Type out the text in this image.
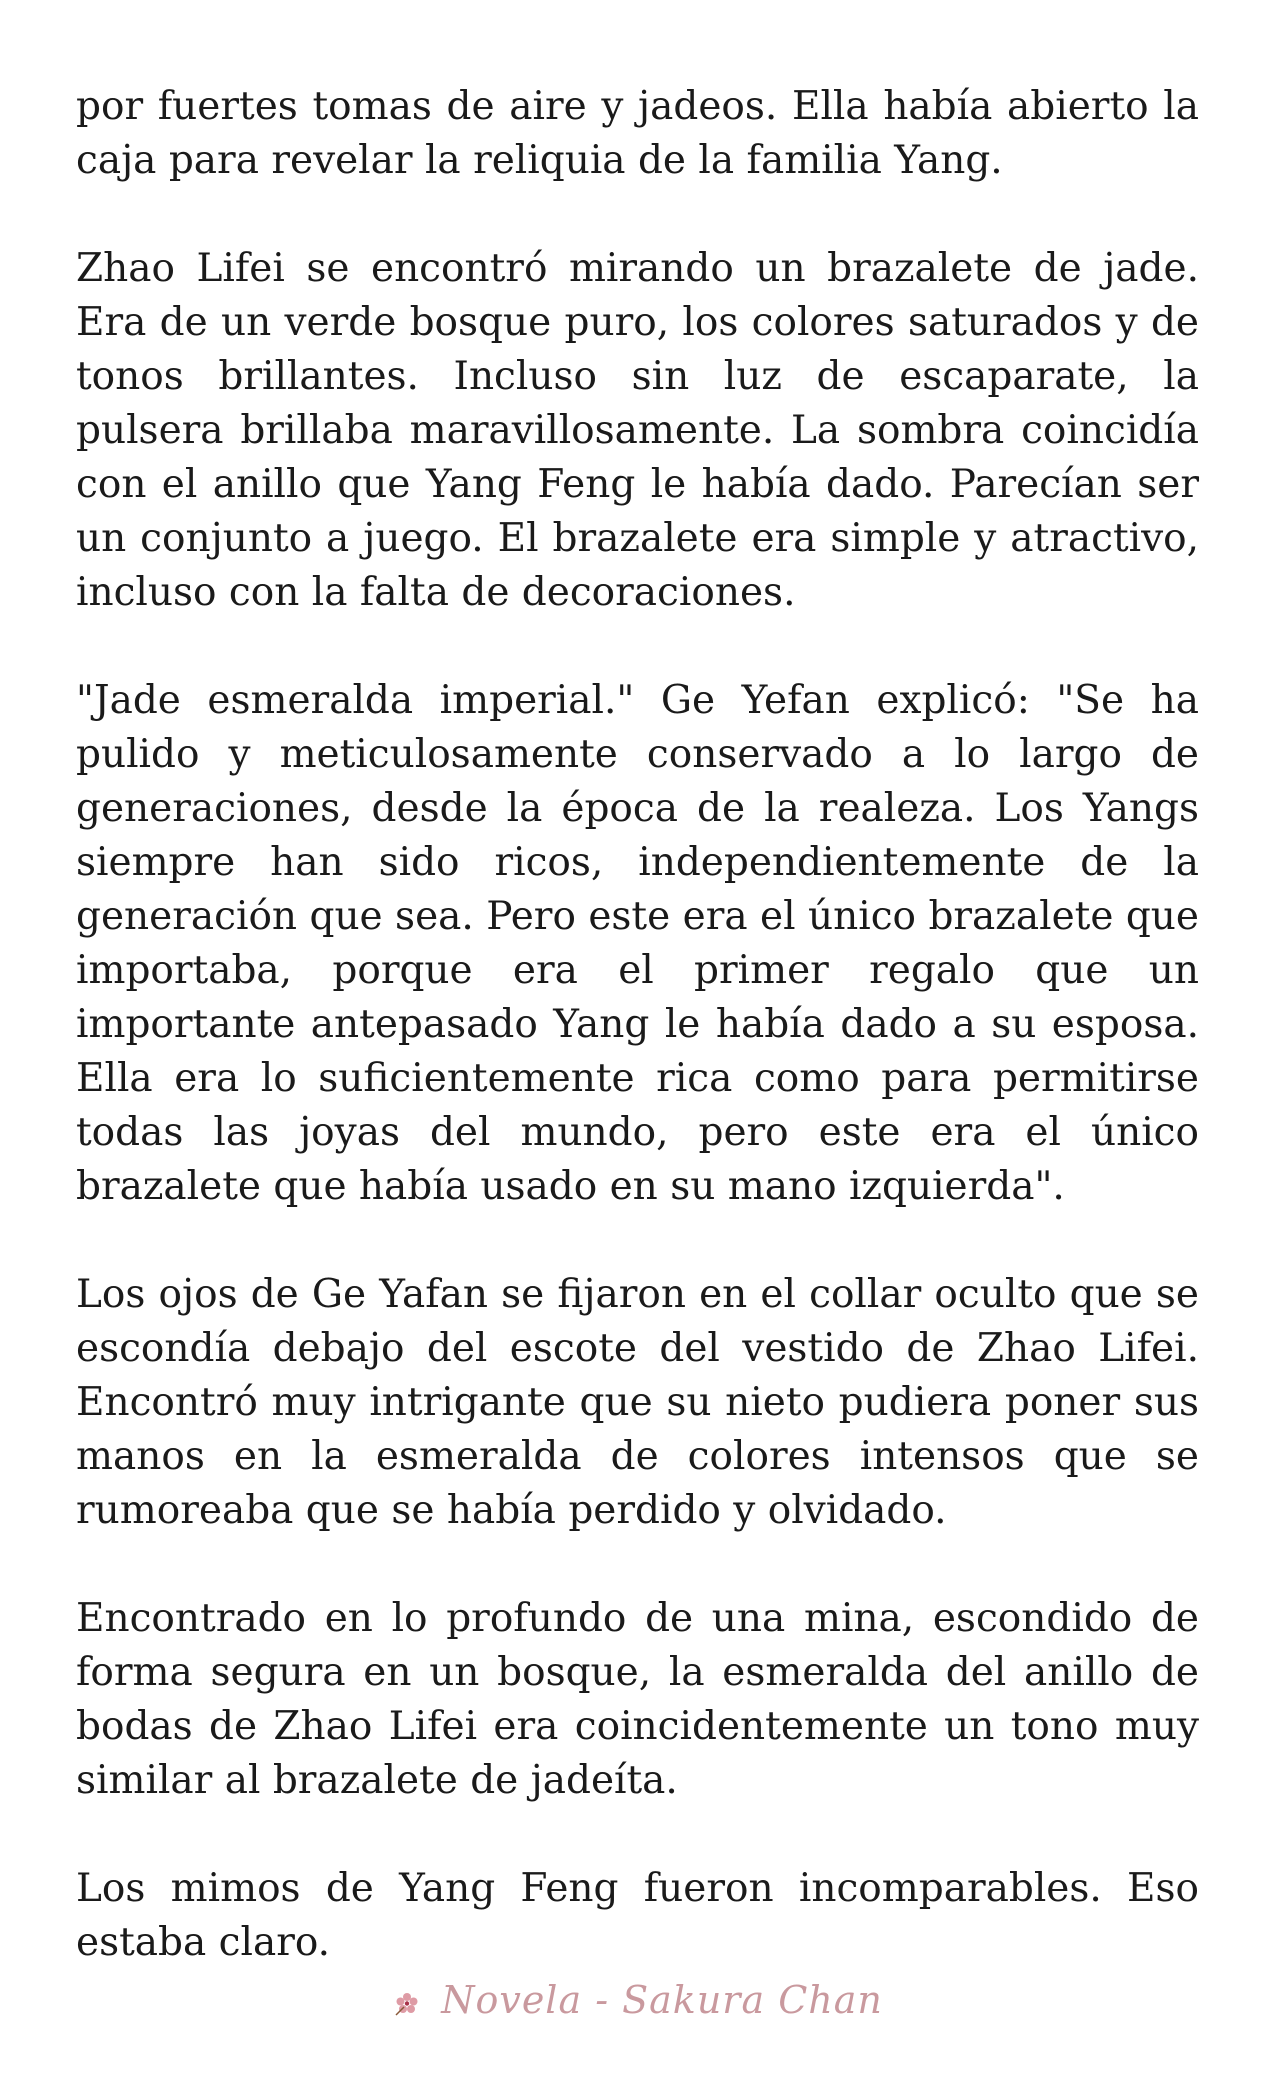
por fuertes tomas de aire y jadeos. Ella había abierto la caja para revelar la reliquia de la familia Yang.

Zhao Lifei se encontró mirando un brazalete de jade. Era de un verde bosque puro, los colores saturados y de tonos brillantes. Incluso sin luz de escaparate, la pulsera brillaba maravillosamente. La sombra coincidía con el anillo que Yang Feng le había dado. Parecían ser un conjunto a juego. El brazalete era simple y atractivo, incluso con la falta de decoraciones.

"Jade esmeralda imperial." Ge Yefan explicó: "Se ha pulido y meticulosamente conservado a lo largo de generaciones, desde la época de la realeza. Los Yangs siempre han sido ricos, independientemente de la generación que sea. Pero este era el único brazalete que importaba, porque era el primer regalo que un importante antepasado Yang le había dado a su esposa. Ella era lo suficientemente rica como para permitirse todas las joyas del mundo, pero este era el único brazalete que había usado en su mano izquierda".

Los ojos de Ge Yafan se fijaron en el collar oculto que se escondía debajo del escote del vestido de Zhao Lifei. Encontró muy intrigante que su nieto pudiera poner sus manos en la esmeralda de colores intensos que se rumoreaba que se había perdido y olvidado.

Encontrado en lo profundo de una mina, escondido de forma segura en un bosque, la esmeralda del anillo de bodas de Zhao Lifei era coincidentemente un tono muy similar al brazalete de jadeíta.

Los mimos de Yang Feng fueron incomparables. Eso estaba claro.

Novela - Sakura Chan
